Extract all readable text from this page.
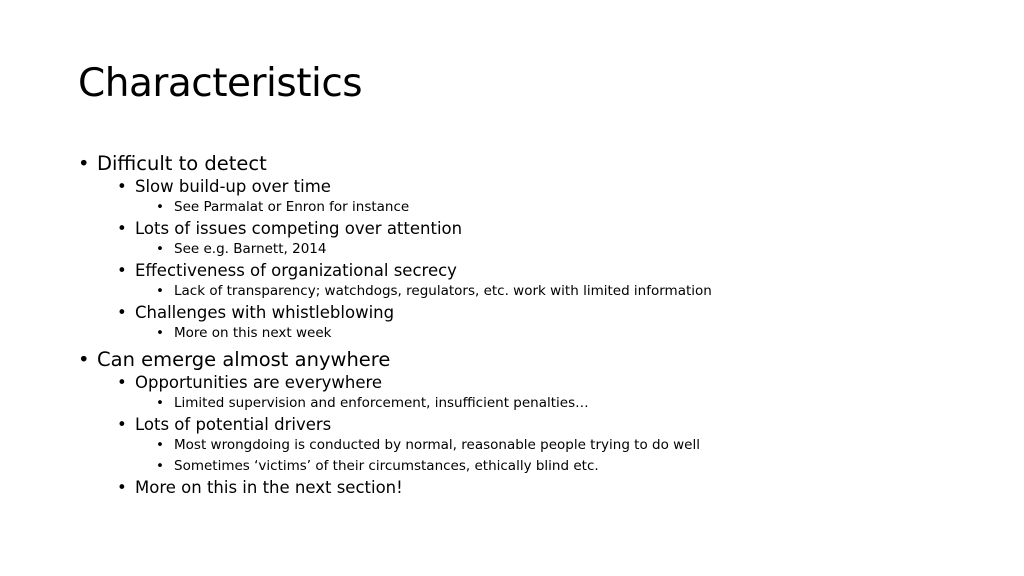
Characteristics
• Difficult to detect
• Slow build-up over time
• See Parmalat or Enron for instance
• Lots of issues competing over attention
• See e.g. Barnett, 2014
• Effectiveness of organizational secrecy
• Lack of transparency; watchdogs, regulators, etc. work with limited information
• Challenges with whistleblowing
• More on this next week
• Can emerge almost anywhere
• Opportunities are everywhere
• Limited supervision and enforcement, insufficient penalties…
• Lots of potential drivers
• Most wrongdoing is conducted by normal, reasonable people trying to do well
• Sometimes ‘victims’ of their circumstances, ethically blind etc.
• More on this in the next section!
